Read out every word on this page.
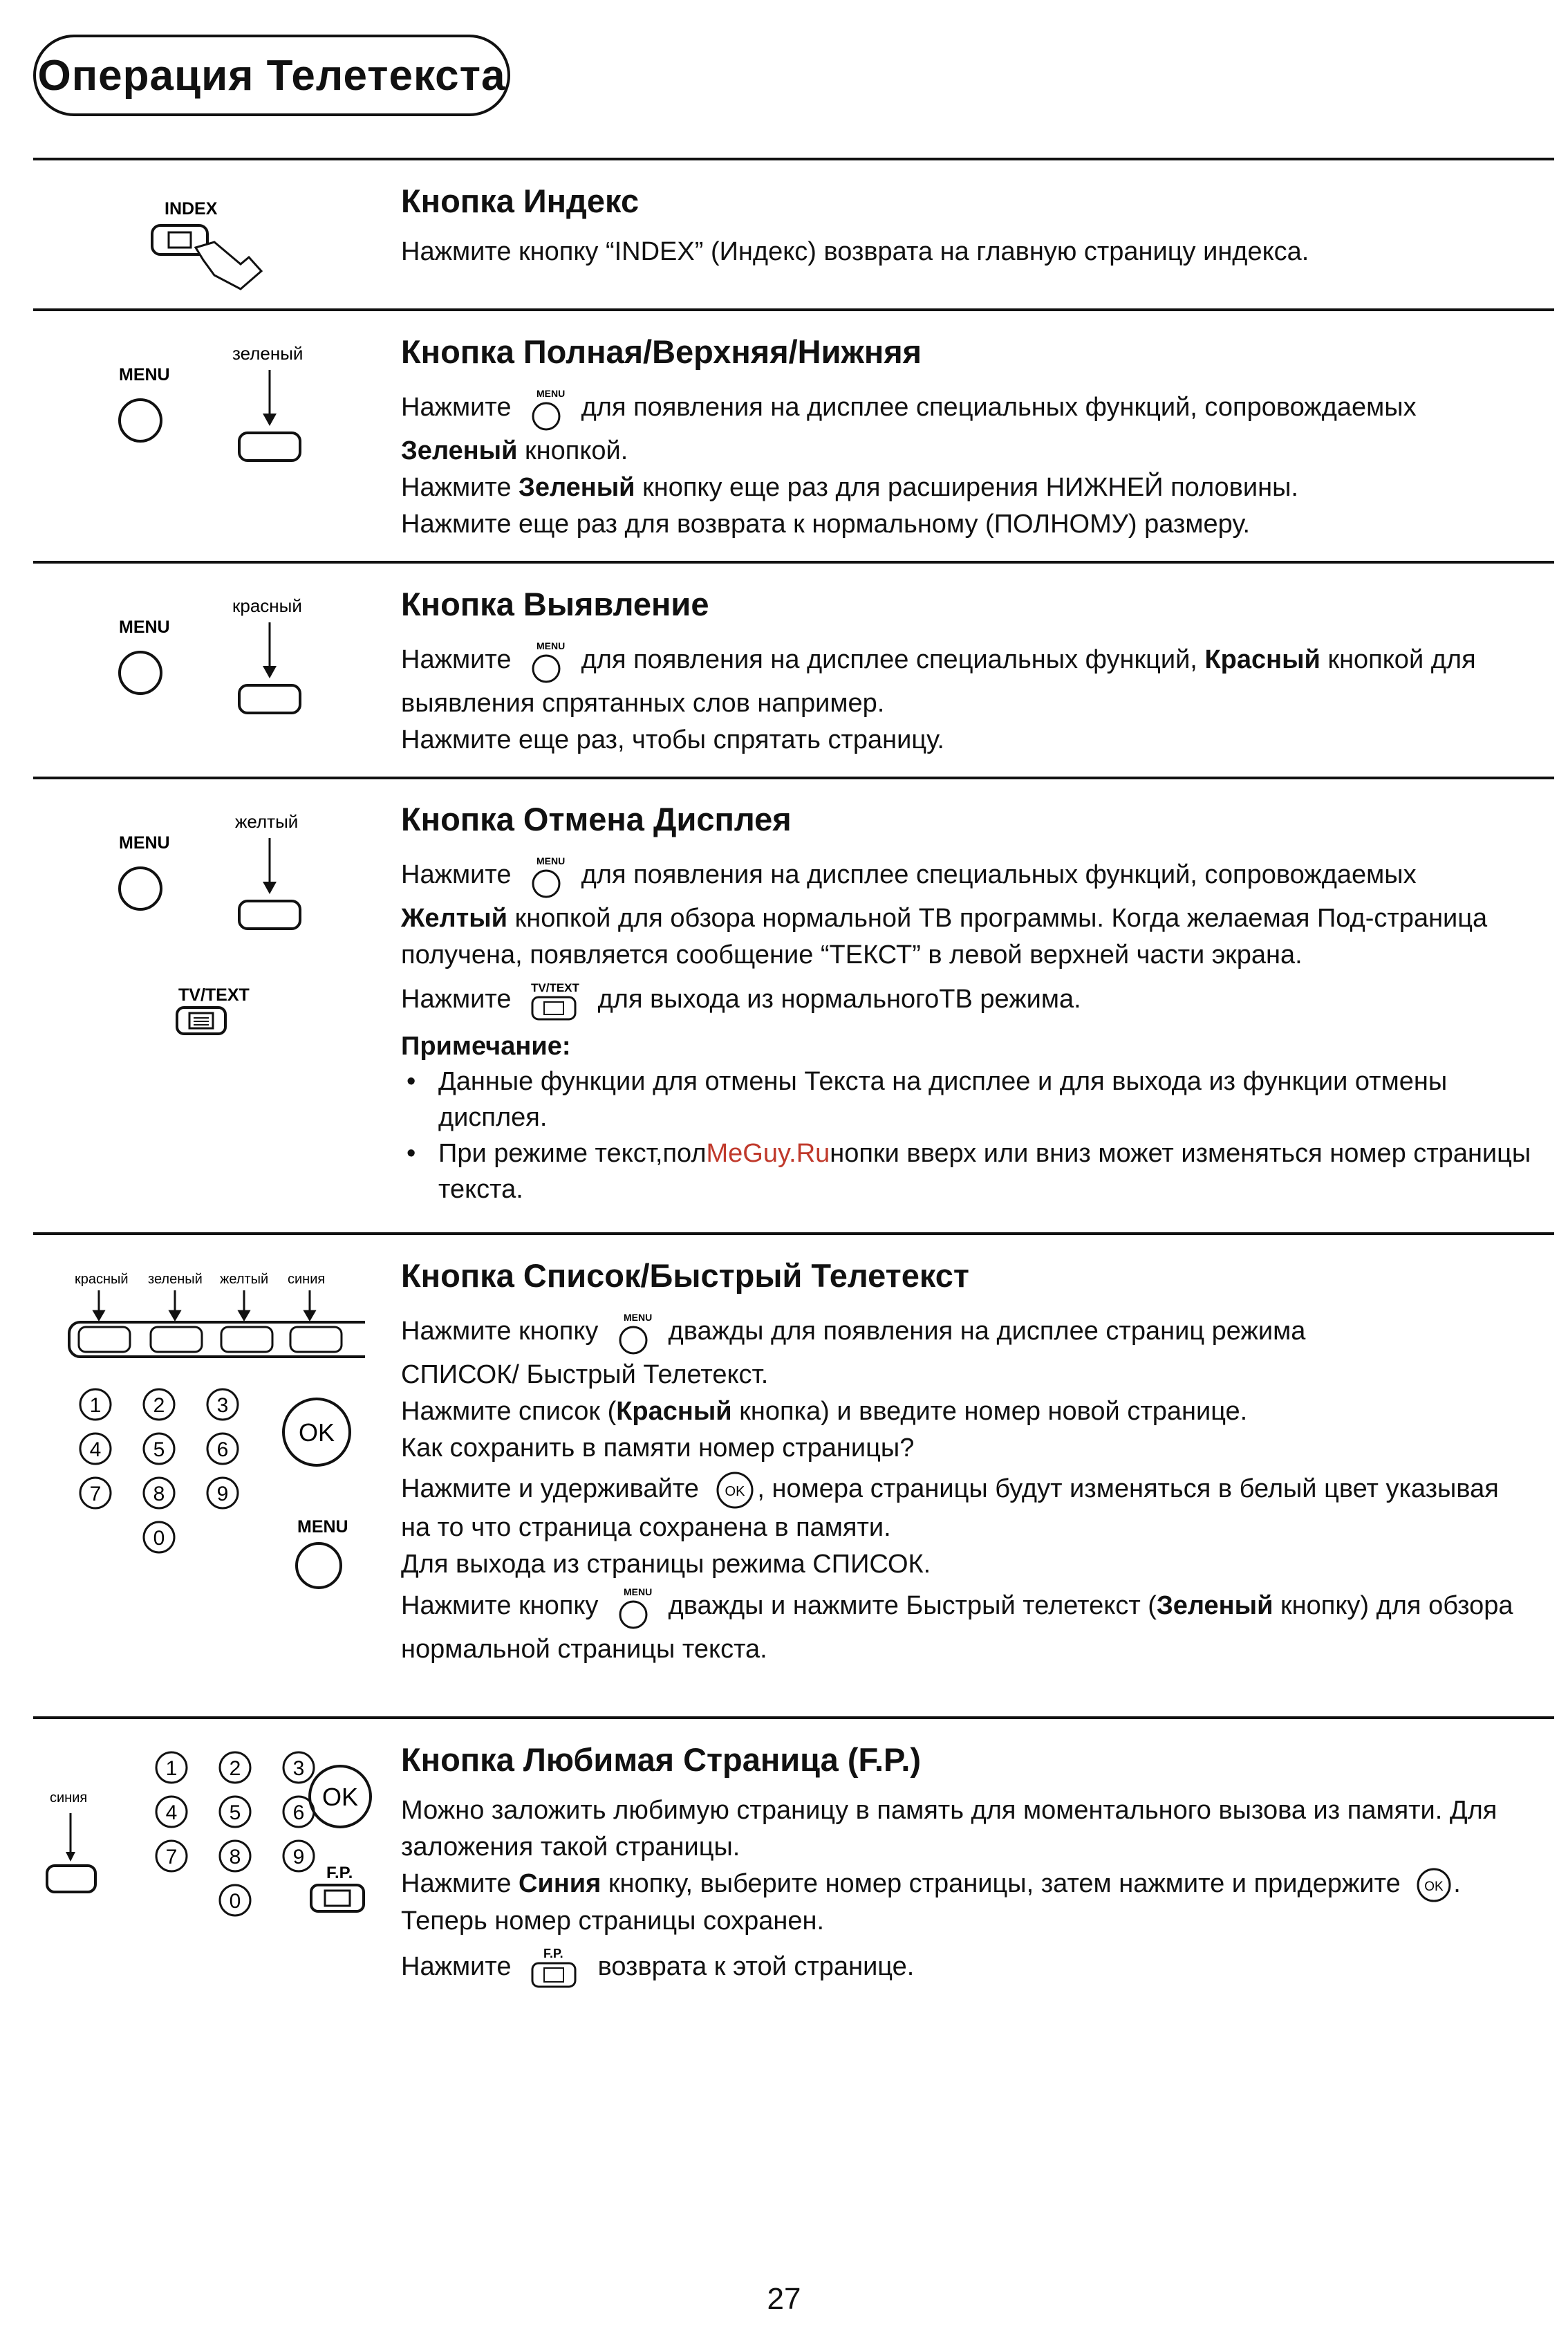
Операция Телетекста
INDEX	Кнопка Индекс
Нажмите кнопку “INDEX” (Индекс) возврата на главную страницу индекса.
MENU
зеленый	Кнопка Полная/Верхняя/Нижняя
Нажмите	MENU для появления на дисплее специальных функций, сопровождаемых
Зеленый кнопкой.
Нажмите Зеленый кнопку еще раз для расширения НИЖНЕЙ половины.
Нажмите еще раз для возврата к нормальному (ПОЛНОМУ) размеру.
MENU
красный	Кнопка Выявление
Нажмите	MENU для появления на дисплее специальных функций, Красный кнопкой для
выявления спрятанных слов например.
Нажмите еще раз, чтобы спрятать страницу.
MENU
желтый
TV/TEXT
Кнопка Отмена Дисплея
Нажмите	MENU для появления на дисплее специальных функций, сопровождаемых
Желтый кнопкой для обзора нормальной ТВ программы. Когда желаемая Под-страница
получена, появляется сообщение “ТЕКСТ” в левой верхней части экрана.
Нажмите TV/TEXT для выхода из нормальногоТВ режима.
Примечание:
• Данные функции для отмены Текста на дисплее и для выхода из функции отмены
дисплея.
• При режиме текст,полMeGuy.Ruнопки вверх или вниз может изменяться номер страницы
текста.
красный зеленый желтый синия
1	2	3
4	5	6
7	8	9
0
OK
MENU
Кнопка Список/Быстрый Телетекст
Нажмите кнопку	MENU дважды для появления на дисплее страниц режима
СПИСОК/ Быстрый Телетекст.
Нажмите список (Красный кнопка) и введите номер новой странице.
Как сохранить в памяти номер страницы?
Нажмите и удерживайте OK , номера страницы будут изменяться в белый цвет указывая
на то что страница сохранена в памяти.
Для выхода из страницы режима СПИСОК.
Нажмите кнопку	MENU дважды и нажмите Быстрый телетекст (Зеленый кнопку) для обзора
нормальной страницы текста.
синия
1	2	3
4	5	6
7	8	9
0
OK
F.P.
Кнопка Любимая Страница (F.P.)
Можно заложить любимую страницу в память для моментального вызова из памяти. Для
заложения такой страницы.
Нажмите Синия кнопку, выберите номер страницы, затем нажмите и придержите OK .
Теперь номер страницы сохранен.
Нажмите	F.P. возврата к этой странице.
27
